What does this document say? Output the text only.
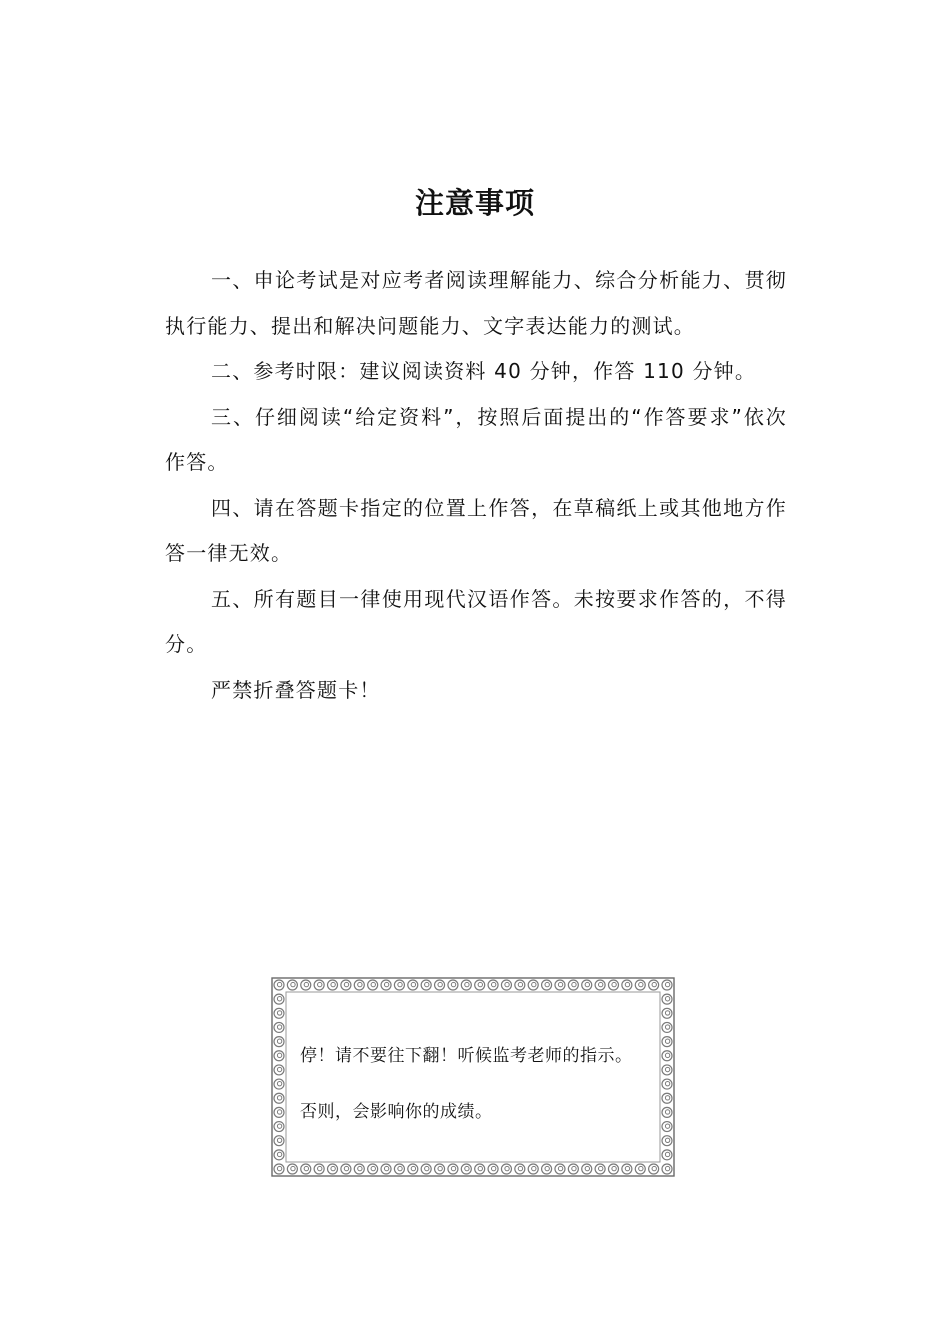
注意事项

一、申论考试是对应考者阅读理解能力、综合分析能力、贯彻执行能力、提出和解决问题能力、文字表达能力的测试。

二、参考时限：建议阅读资料 40 分钟，作答 110 分钟。

三、仔细阅读“给定资料”，按照后面提出的“作答要求”依次作答。

四、请在答题卡指定的位置上作答，在草稿纸上或其他地方作答一律无效。

五、所有题目一律使用现代汉语作答。未按要求作答的，不得分。

严禁折叠答题卡！

停！请不要往下翻！听候监考老师的指示。
否则，会影响你的成绩。
